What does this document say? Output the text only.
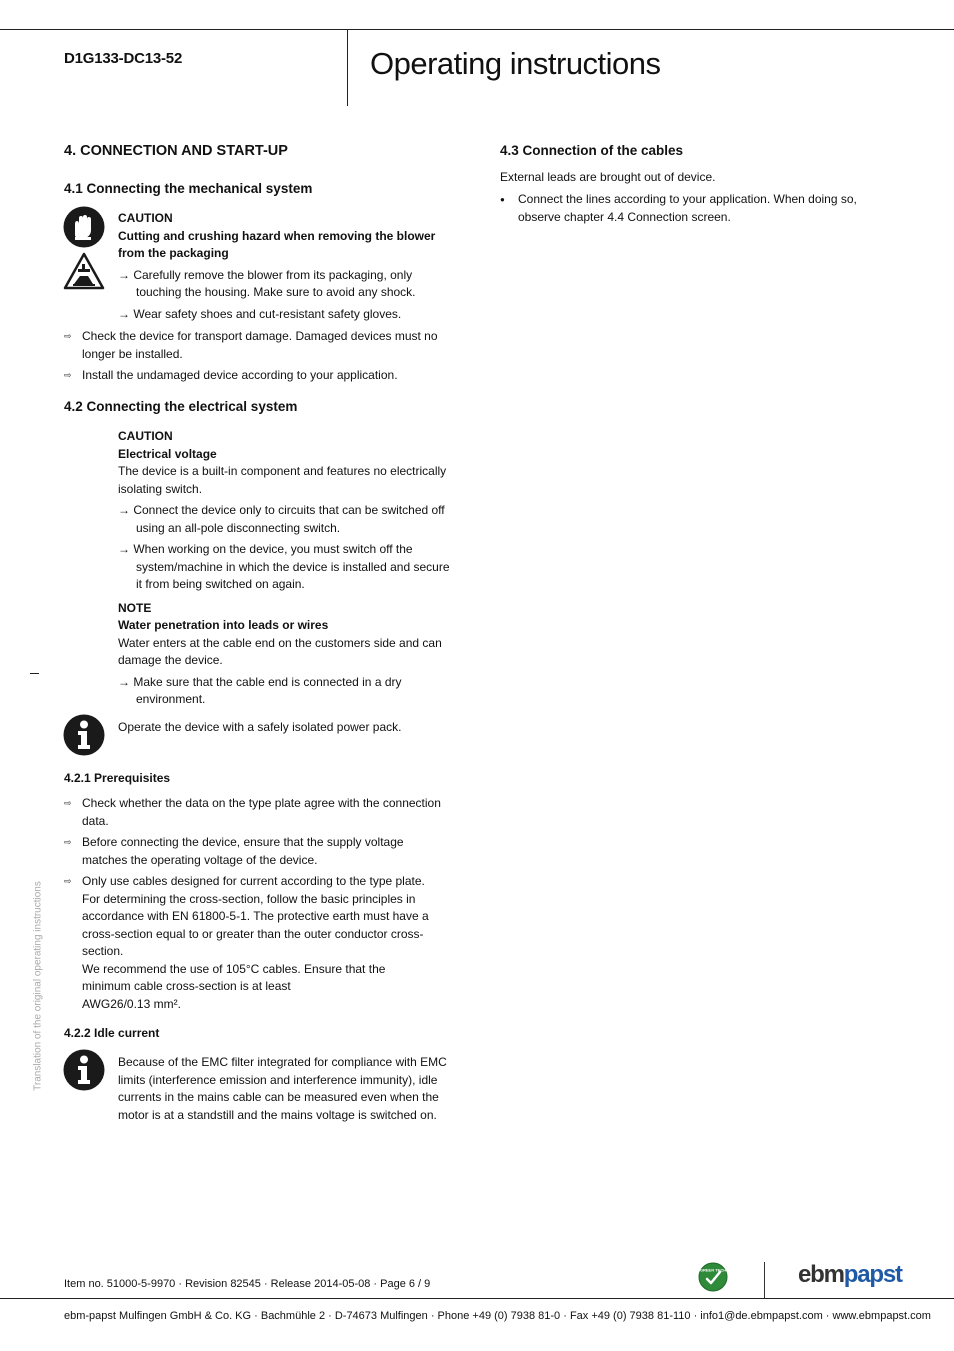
D1G133-DC13-52	Operating instructions
Translation of the original operating instructions
4. CONNECTION AND START-UP
4.1 Connecting the mechanical system
CAUTION
Cutting and crushing hazard when removing the blower from the packaging
→ Carefully remove the blower from its packaging, only touching the housing. Make sure to avoid any shock.
→ Wear safety shoes and cut-resistant safety gloves.
⇨ Check the device for transport damage. Damaged devices must no longer be installed.
⇨ Install the undamaged device according to your application.
4.2 Connecting the electrical system
CAUTION
Electrical voltage
The device is a built-in component and features no electrically isolating switch.
→ Connect the device only to circuits that can be switched off using an all-pole disconnecting switch.
→ When working on the device, you must switch off the system/machine in which the device is installed and secure it from being switched on again.
NOTE
Water penetration into leads or wires
Water enters at the cable end on the customers side and can damage the device.
→ Make sure that the cable end is connected in a dry environment.
Operate the device with a safely isolated power pack.
4.2.1 Prerequisites
⇨ Check whether the data on the type plate agree with the connection data.
⇨ Before connecting the device, ensure that the supply voltage matches the operating voltage of the device.
⇨ Only use cables designed for current according to the type plate.
For determining the cross-section, follow the basic principles in accordance with EN 61800-5-1. The protective earth must have a cross-section equal to or greater than the outer conductor cross-section.
We recommend the use of 105°C cables. Ensure that the minimum cable cross-section is at least
AWG26/0.13 mm².
4.2.2 Idle current
Because of the EMC filter integrated for compliance with EMC limits (interference emission and interference immunity), idle currents in the mains cable can be measured even when the motor is at a standstill and the mains voltage is switched on.
4.3 Connection of the cables
External leads are brought out of device.
●	Connect the lines according to your application. When doing so, observe chapter 4.4 Connection screen.
Item no. 51000-5-9970 · Revision 82545 · Release 2014-05-08 · Page 6 / 9
GREEN TECH	ebmpapst
ebm-papst Mulfingen GmbH & Co. KG · Bachmühle 2 · D-74673 Mulfingen · Phone +49 (0) 7938 81-0 · Fax +49 (0) 7938 81-110 · info1@de.ebmpapst.com · www.ebmpapst.com
